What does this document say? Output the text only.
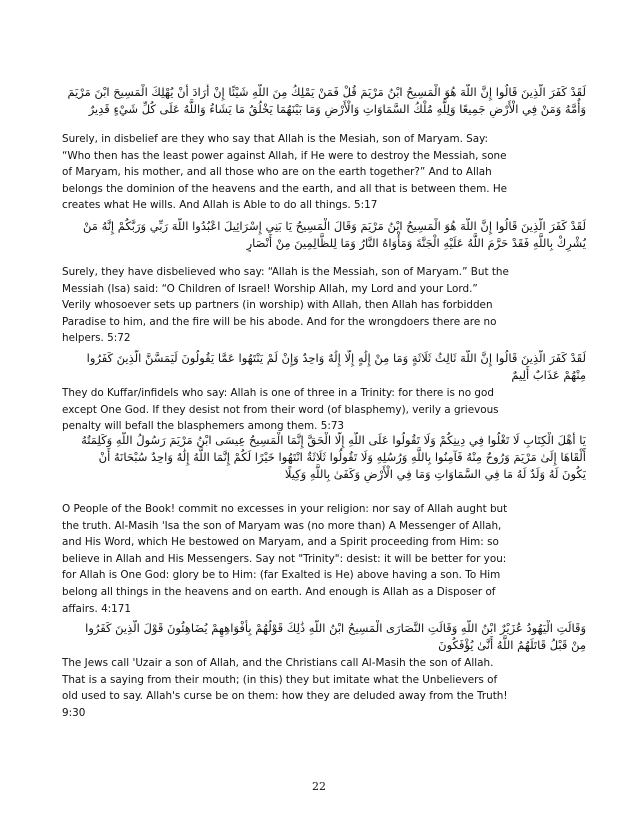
لَقَدْ كَفَرَ الَّذِينَ قَالُوا إِنَّ اللَّهَ هُوَ الْمَسِيحُ ابْنُ مَرْيَمَ قُلْ فَمَنْ يَمْلِكُ مِنَ اللَّهِ شَيْئًا إِنْ أَرَادَ أَنْ يُهْلِكَ الْمَسِيحَ ابْنَ مَرْيَمَ
وَأُمَّهُ وَمَنْ فِي الْأَرْضِ جَمِيعًا وَلِلَّهِ مُلْكُ السَّمَاوَاتِ وَالْأَرْضِ وَمَا بَيْنَهُمَا يَخْلُقُ مَا يَشَاءُ وَاللَّهُ عَلَى كُلِّ شَيْءٍ قَدِيرٌ
Surely, in disbelief are they who say that Allah is the Mesiah, son of Maryam. Say:
“Who then has the least power against Allah, if He were to destroy the Messiah, sone
of Maryam, his mother, and all those who are on the earth together?” And to Allah
belongs the dominion of the heavens and the earth, and all that is between them. He
creates what He wills. And Allah is Able to do all things. 5:17
لَقَدْ كَفَرَ الَّذِينَ قَالُوا إِنَّ اللَّهَ هُوَ الْمَسِيحُ ابْنُ مَرْيَمَ وَقَالَ الْمَسِيحُ يَا بَنِي إِسْرَائِيلَ اعْبُدُوا اللَّهَ رَبِّي وَرَبَّكُمْ إِنَّهُ مَنْ
يُشْرِكْ بِاللَّهِ فَقَدْ حَرَّمَ اللَّهُ عَلَيْهِ الْجَنَّةَ وَمَأْوَاهُ النَّارُ وَمَا لِلظَّالِمِينَ مِنْ أَنْصَارٍ
Surely, they have disbelieved who say: “Allah is the Messiah, son of Maryam.” But the
Messiah (Isa) said: “O Children of Israel! Worship Allah, my Lord and your Lord.”
Verily whosoever sets up partners (in worship) with Allah, then Allah has forbidden
Paradise to him, and the fire will be his abode. And for the wrongdoers there are no
helpers. 5:72
لَقَدْ كَفَرَ الَّذِينَ قَالُوا إِنَّ اللَّهَ ثَالِثُ ثَلَاثَةٍ وَمَا مِنْ إِلَٰهٍ إِلَّا إِلَٰهٌ وَاحِدٌ وَإِنْ لَمْ يَنْتَهُوا عَمَّا يَقُولُونَ لَيَمَسَّنَّ الَّذِينَ كَفَرُوا
مِنْهُمْ عَذَابٌ أَلِيمٌ
They do Kuffar/infidels who say: Allah is one of three in a Trinity: for there is no god
except One God. If they desist not from their word (of blasphemy), verily a grievous
penalty will befall the blasphemers among them. 5:73
يَا أَهْلَ الْكِتَابِ لَا تَغْلُوا فِي دِينِكُمْ وَلَا تَقُولُوا عَلَى اللَّهِ إِلَّا الْحَقَّ إِنَّمَا الْمَسِيحُ عِيسَى ابْنُ مَرْيَمَ رَسُولُ اللَّهِ وَكَلِمَتُهُ
أَلْقَاهَا إِلَىٰ مَرْيَمَ وَرُوحٌ مِنْهُ فَآمِنُوا بِاللَّهِ وَرُسُلِهِ وَلَا تَقُولُوا ثَلَاثَةٌ انْتَهُوا خَيْرًا لَكُمْ إِنَّمَا اللَّهُ إِلَٰهٌ وَاحِدٌ سُبْحَانَهُ أَنْ
يَكُونَ لَهُ وَلَدٌ لَهُ مَا فِي السَّمَاوَاتِ وَمَا فِي الْأَرْضِ وَكَفَىٰ بِاللَّهِ وَكِيلًا
O People of the Book! commit no excesses in your religion: nor say of Allah aught but
the truth. Al-Masih 'Isa the son of Maryam was (no more than) A Messenger of Allah,
and His Word, which He bestowed on Maryam, and a Spirit proceeding from Him: so
believe in Allah and His Messengers. Say not "Trinity": desist: it will be better for you:
for Allah is One God: glory be to Him: (far Exalted is He) above having a son. To Him
belong all things in the heavens and on earth. And enough is Allah as a Disposer of
affairs. 4:171
وَقَالَتِ الْيَهُودُ عُزَيْرٌ ابْنُ اللَّهِ وَقَالَتِ النَّصَارَى الْمَسِيحُ ابْنُ اللَّهِ ذَٰلِكَ قَوْلُهُمْ بِأَفْوَاهِهِمْ يُضَاهِئُونَ قَوْلَ الَّذِينَ كَفَرُوا
مِنْ قَبْلُ قَاتَلَهُمُ اللَّهُ أَنَّىٰ يُؤْفَكُونَ
The Jews call 'Uzair a son of Allah, and the Christians call Al-Masih the son of Allah.
That is a saying from their mouth; (in this) they but imitate what the Unbelievers of
old used to say. Allah's curse be on them: how they are deluded away from the Truth!
9:30
22
